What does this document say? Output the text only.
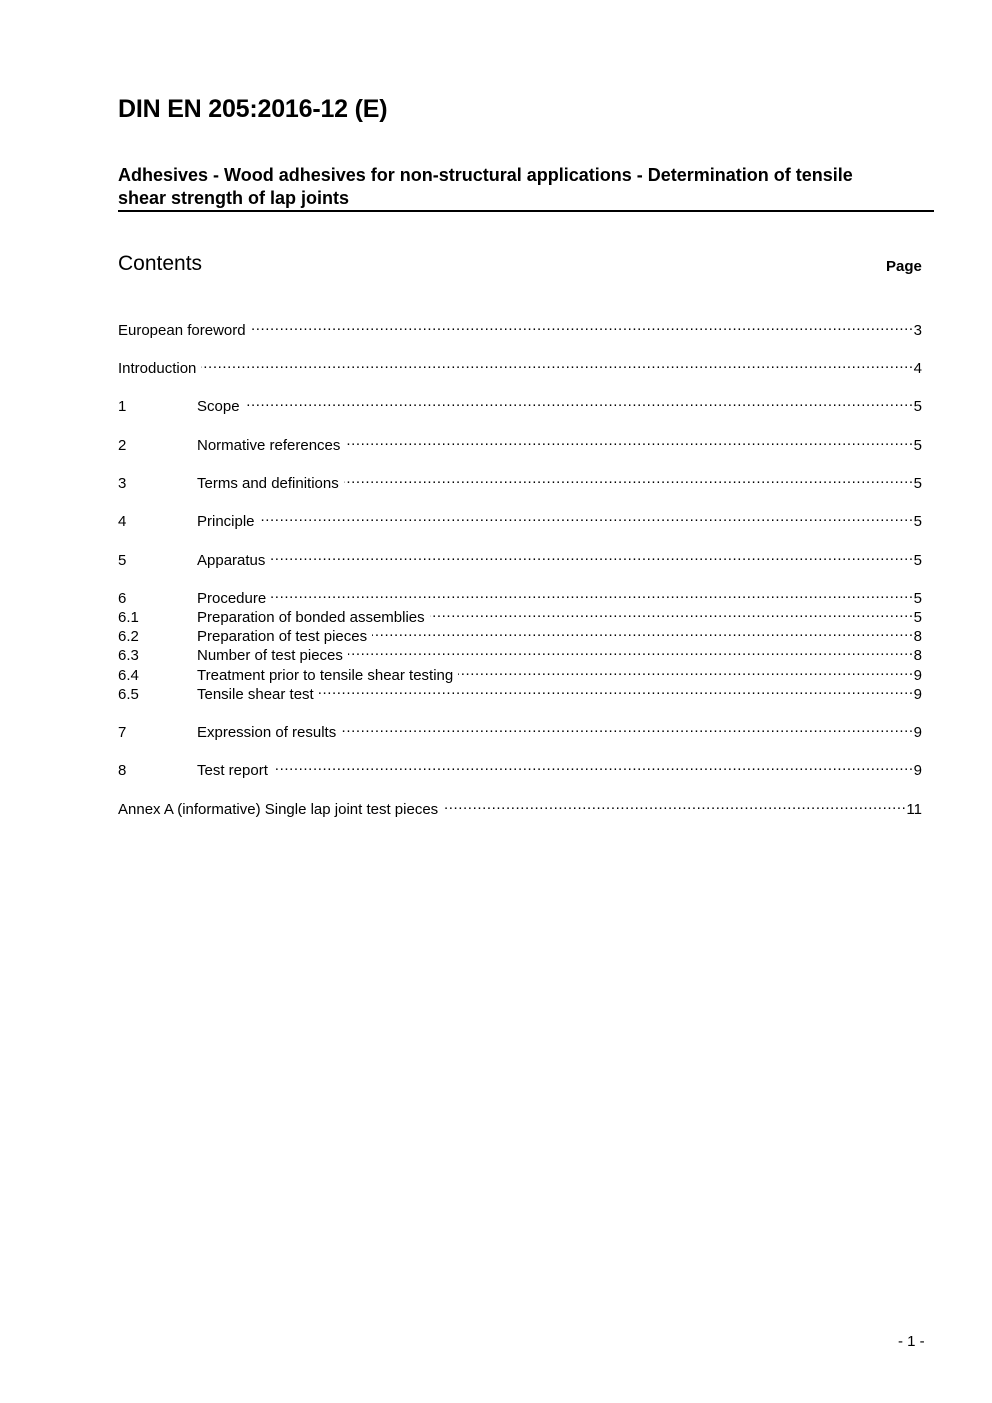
DIN EN 205:2016-12 (E)
Adhesives - Wood adhesives for non-structural applications - Determination of tensile shear strength of lap joints
Contents	Page
European foreword .....	3
Introduction .....	4
1	Scope .....	5
2	Normative references .....	5
3	Terms and definitions .....	5
4	Principle .....	5
5	Apparatus .....	5
6	Procedure .....	5
6.1	Preparation of bonded assemblies .....	5
6.2	Preparation of test pieces .....	8
6.3	Number of test pieces .....	8
6.4	Treatment prior to tensile shear testing .....	9
6.5	Tensile shear test .....	9
7	Expression of results .....	9
8	Test report .....	9
Annex A (informative) Single lap joint test pieces .....	11
- 1 -
